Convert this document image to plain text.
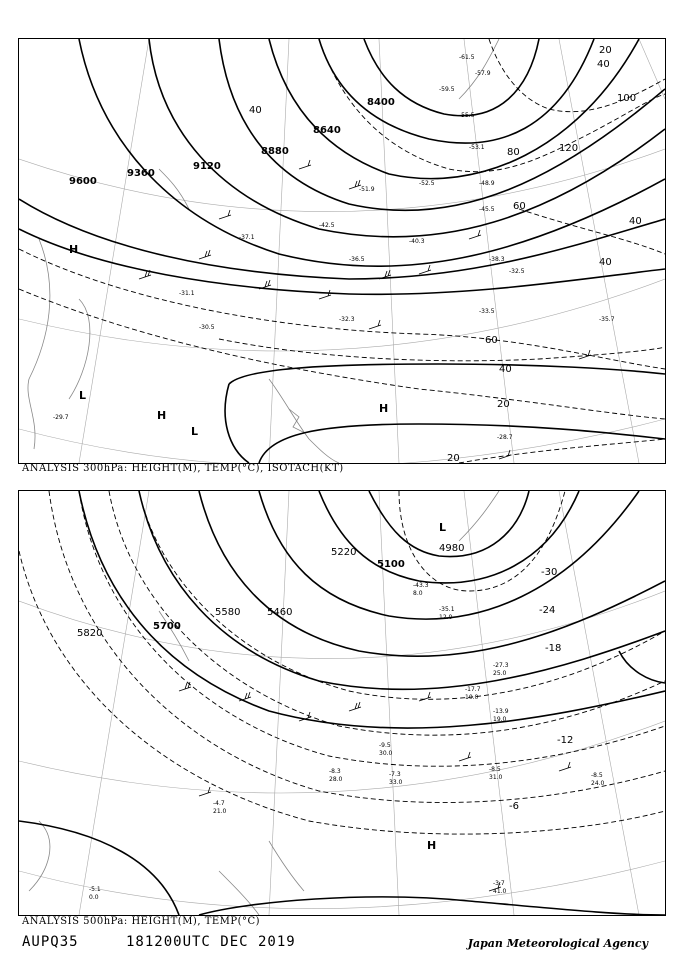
9600
9360
9120
8880
8640
8400	100
120
80
60
40
20
40
40
60
40
20
20
40
-45.5
-53.1
-55.5
-52.5	-48.9
-51.9
-42.5
-40.3
-37.1
-36.5	-38.3
-32.5
-35.7
-31.1
-30.5
-33.5
-32.3
-29.7
-28.7
-61.5
-57.9
-59.5
H
H
L
L
H
ANALYSIS 300hPa: HEIGHT(M), TEMP(°C), ISOTACH(KT)
5820
5700
5580	5460
5220
5100
4980
-30
-24
-18
-12
-6
-8.5
31.0	-8.5
24.0
-7.3
33.0
-4.7
21.0
-5.1
0.0
-3.7
41.0
-9.5
30.0
-8.3
28.0
-13.9
19.0
-17.7
10.0
-27.3
25.0
-35.1
12.0
-43.3
8.0
L
H
ANALYSIS 500hPa: HEIGHT(M), TEMP(°C)
AUPQ35	181200UTC DEC 2019	Japan Meteorological Agency
